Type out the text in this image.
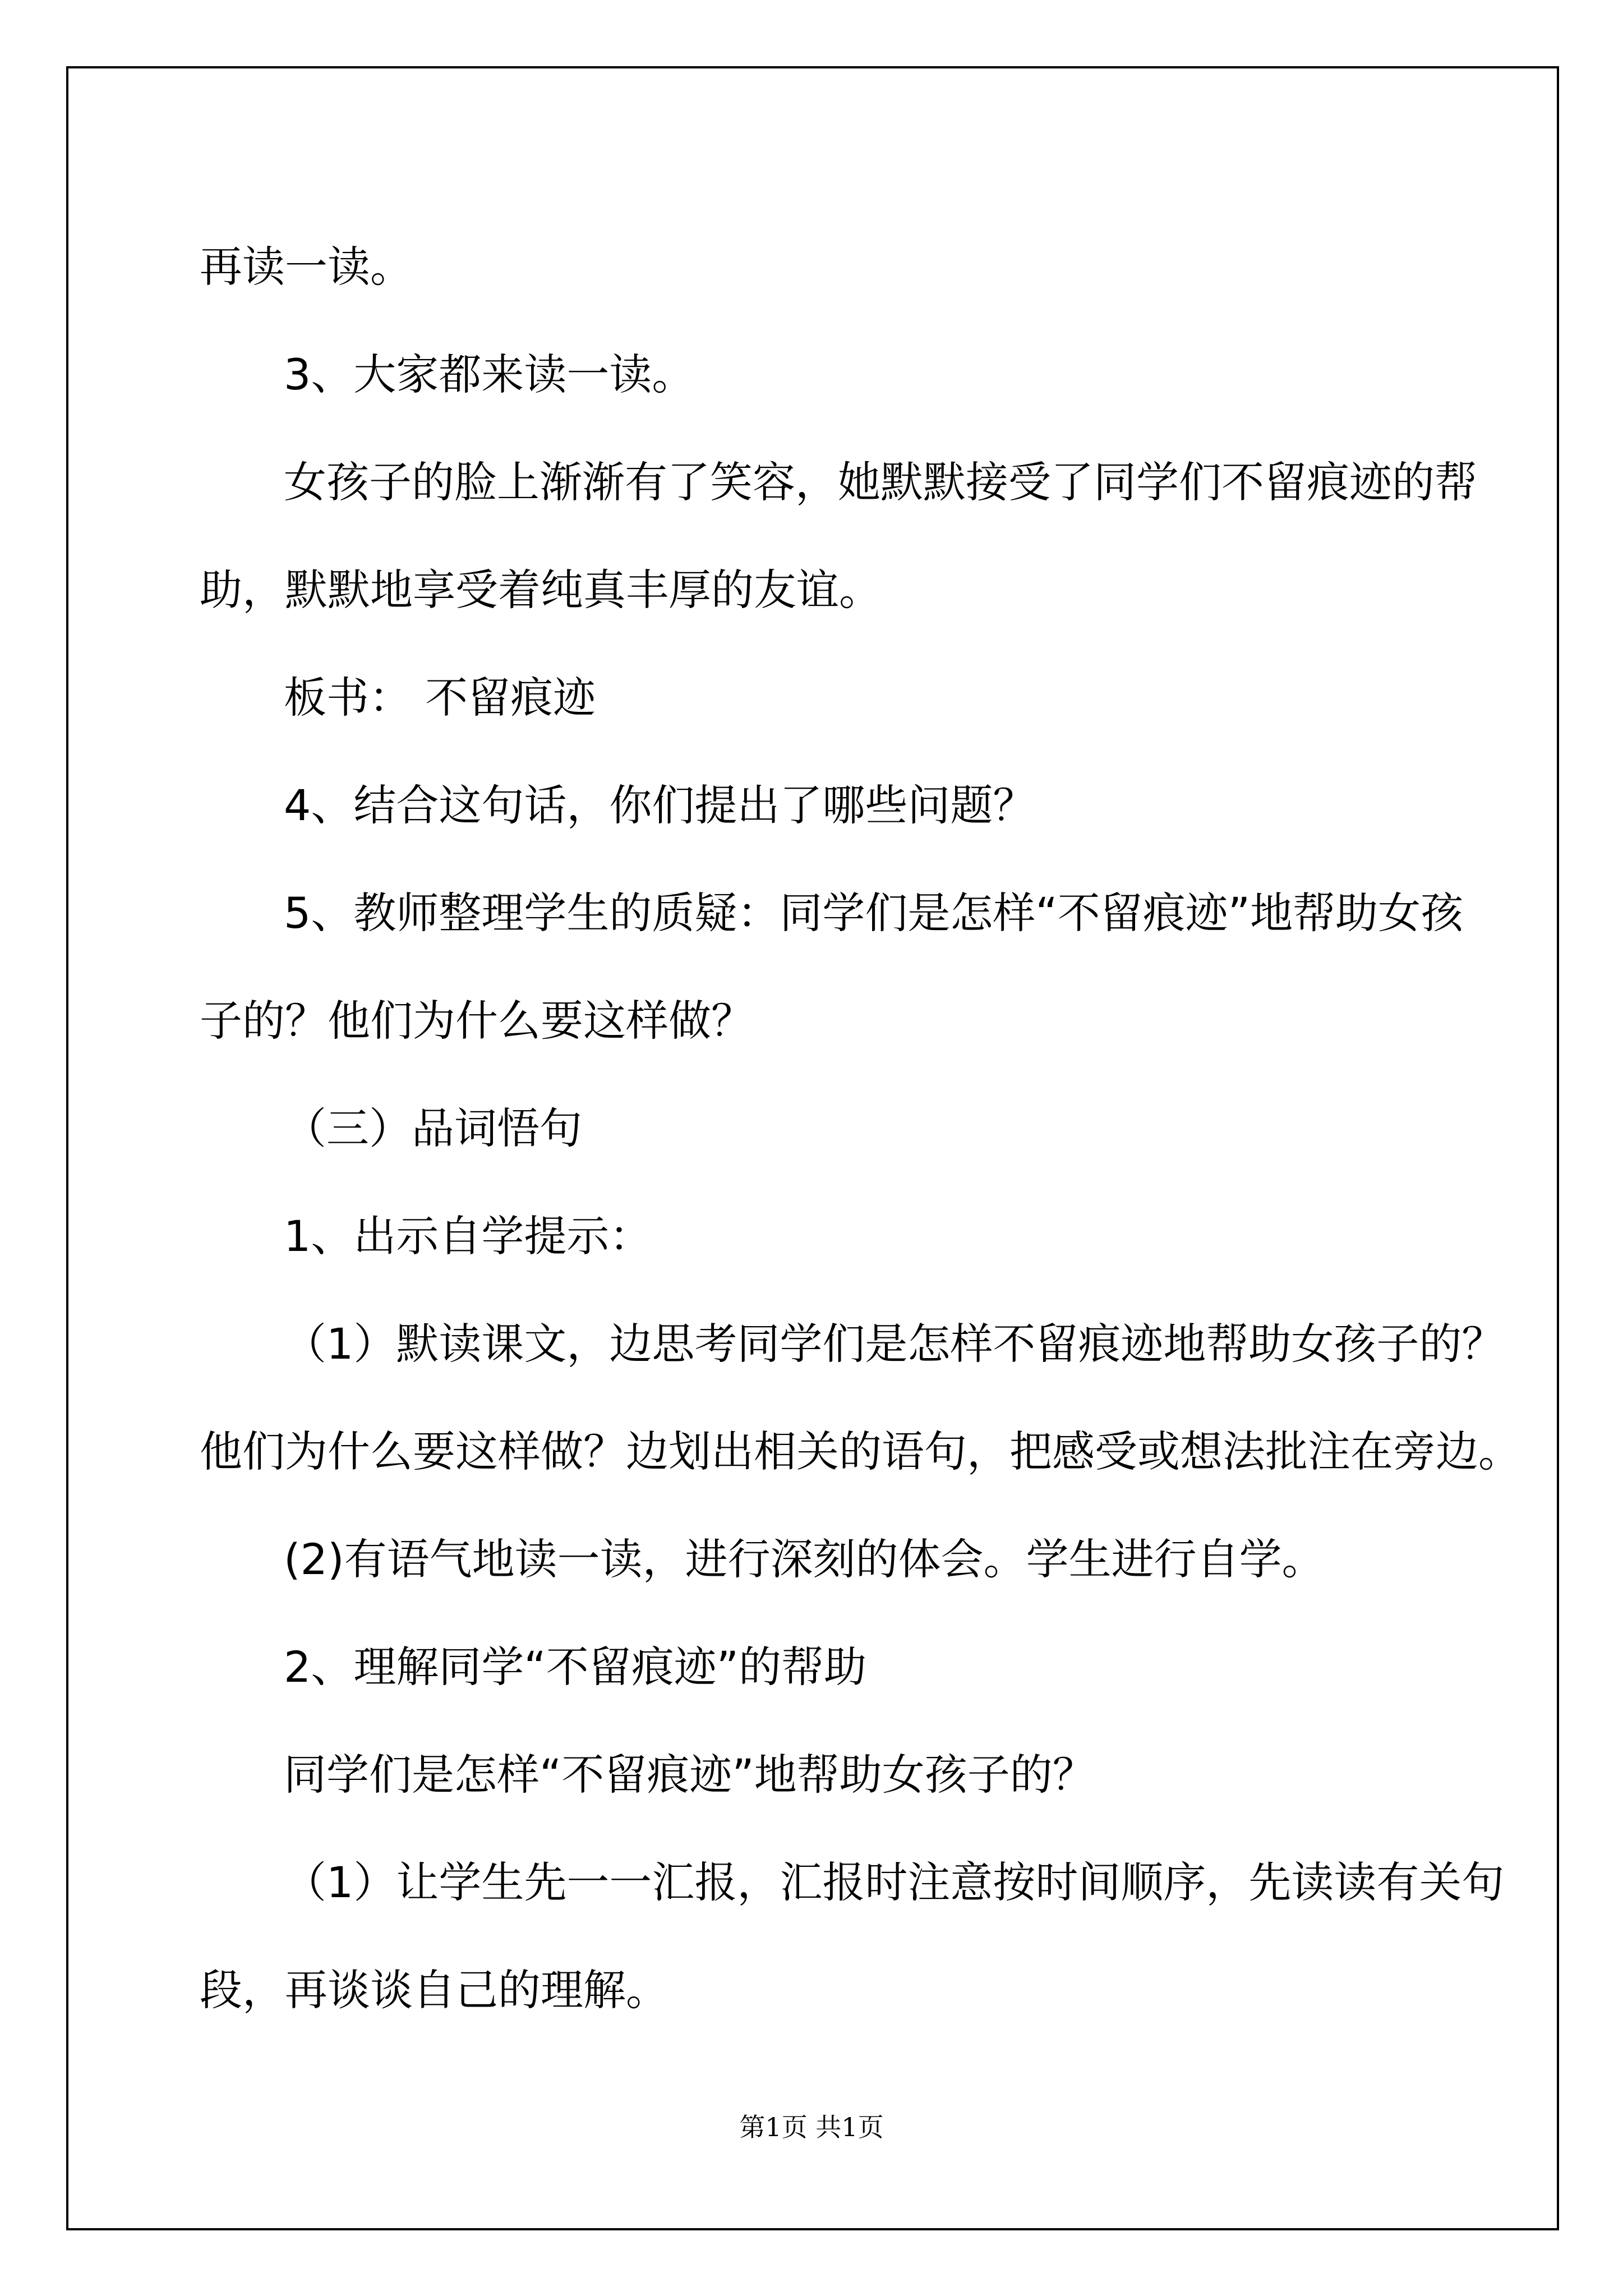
再读一读。

3、大家都来读一读。

女孩子的脸上渐渐有了笑容，她默默接受了同学们不留痕迹的帮

助，默默地享受着纯真丰厚的友谊。

板书： 不留痕迹

4、结合这句话，你们提出了哪些问题？

5、教师整理学生的质疑：同学们是怎样“不留痕迹”地帮助女孩

子的？他们为什么要这样做？

（三）品词悟句

1、出示自学提示：

（1）默读课文，边思考同学们是怎样不留痕迹地帮助女孩子的？

他们为什么要这样做？边划出相关的语句，把感受或想法批注在旁边。

(2)有语气地读一读，进行深刻的体会。学生进行自学。

2、理解同学“不留痕迹”的帮助

同学们是怎样“不留痕迹”地帮助女孩子的？

（1）让学生先一一汇报，汇报时注意按时间顺序，先读读有关句

段，再谈谈自己的理解。

第1页 共1页
